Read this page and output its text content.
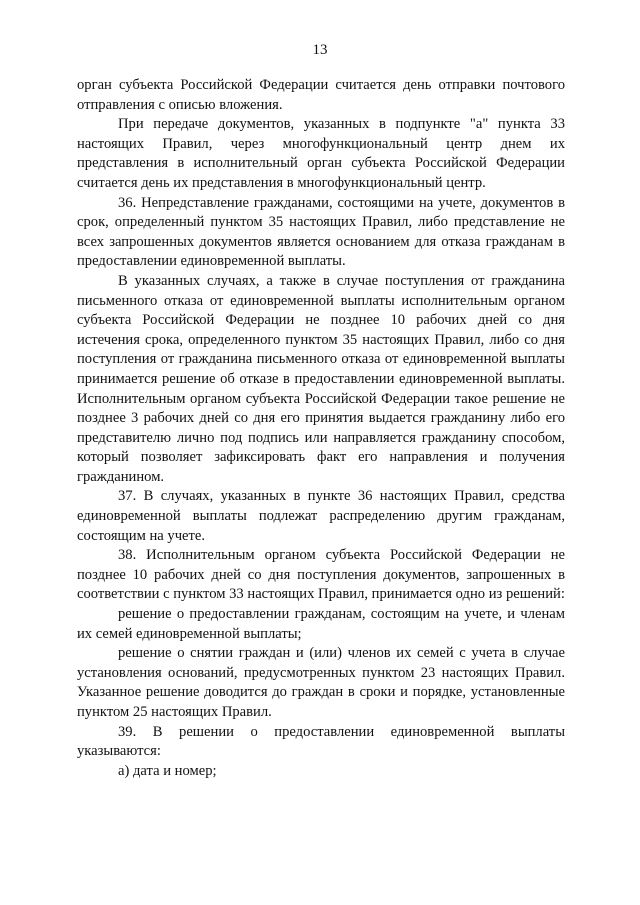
13

орган субъекта Российской Федерации считается день отправки почтового отправления с описью вложения.

При передаче документов, указанных в подпункте "а" пункта 33 настоящих Правил, через многофункциональный центр днем их представления в исполнительный орган субъекта Российской Федерации считается день их представления в многофункциональный центр.

36. Непредставление гражданами, состоящими на учете, документов в срок, определенный пунктом 35 настоящих Правил, либо представление не всех запрошенных документов является основанием для отказа гражданам в предоставлении единовременной выплаты.

В указанных случаях, а также в случае поступления от гражданина письменного отказа от единовременной выплаты исполнительным органом субъекта Российской Федерации не позднее 10 рабочих дней со дня истечения срока, определенного пунктом 35 настоящих Правил, либо со дня поступления от гражданина письменного отказа от единовременной выплаты принимается решение об отказе в предоставлении единовременной выплаты. Исполнительным органом субъекта Российской Федерации такое решение не позднее 3 рабочих дней со дня его принятия выдается гражданину либо его представителю лично под подпись или направляется гражданину способом, который позволяет зафиксировать факт его направления и получения гражданином.

37. В случаях, указанных в пункте 36 настоящих Правил, средства единовременной выплаты подлежат распределению другим гражданам, состоящим на учете.

38. Исполнительным органом субъекта Российской Федерации не позднее 10 рабочих дней со дня поступления документов, запрошенных в соответствии с пунктом 33 настоящих Правил, принимается одно из решений:

решение о предоставлении гражданам, состоящим на учете, и членам их семей единовременной выплаты;

решение о снятии граждан и (или) членов их семей с учета в случае установления оснований, предусмотренных пунктом 23 настоящих Правил. Указанное решение доводится до граждан в сроки и порядке, установленные пунктом 25 настоящих Правил.

39. В решении о предоставлении единовременной выплаты указываются:

а) дата и номер;
